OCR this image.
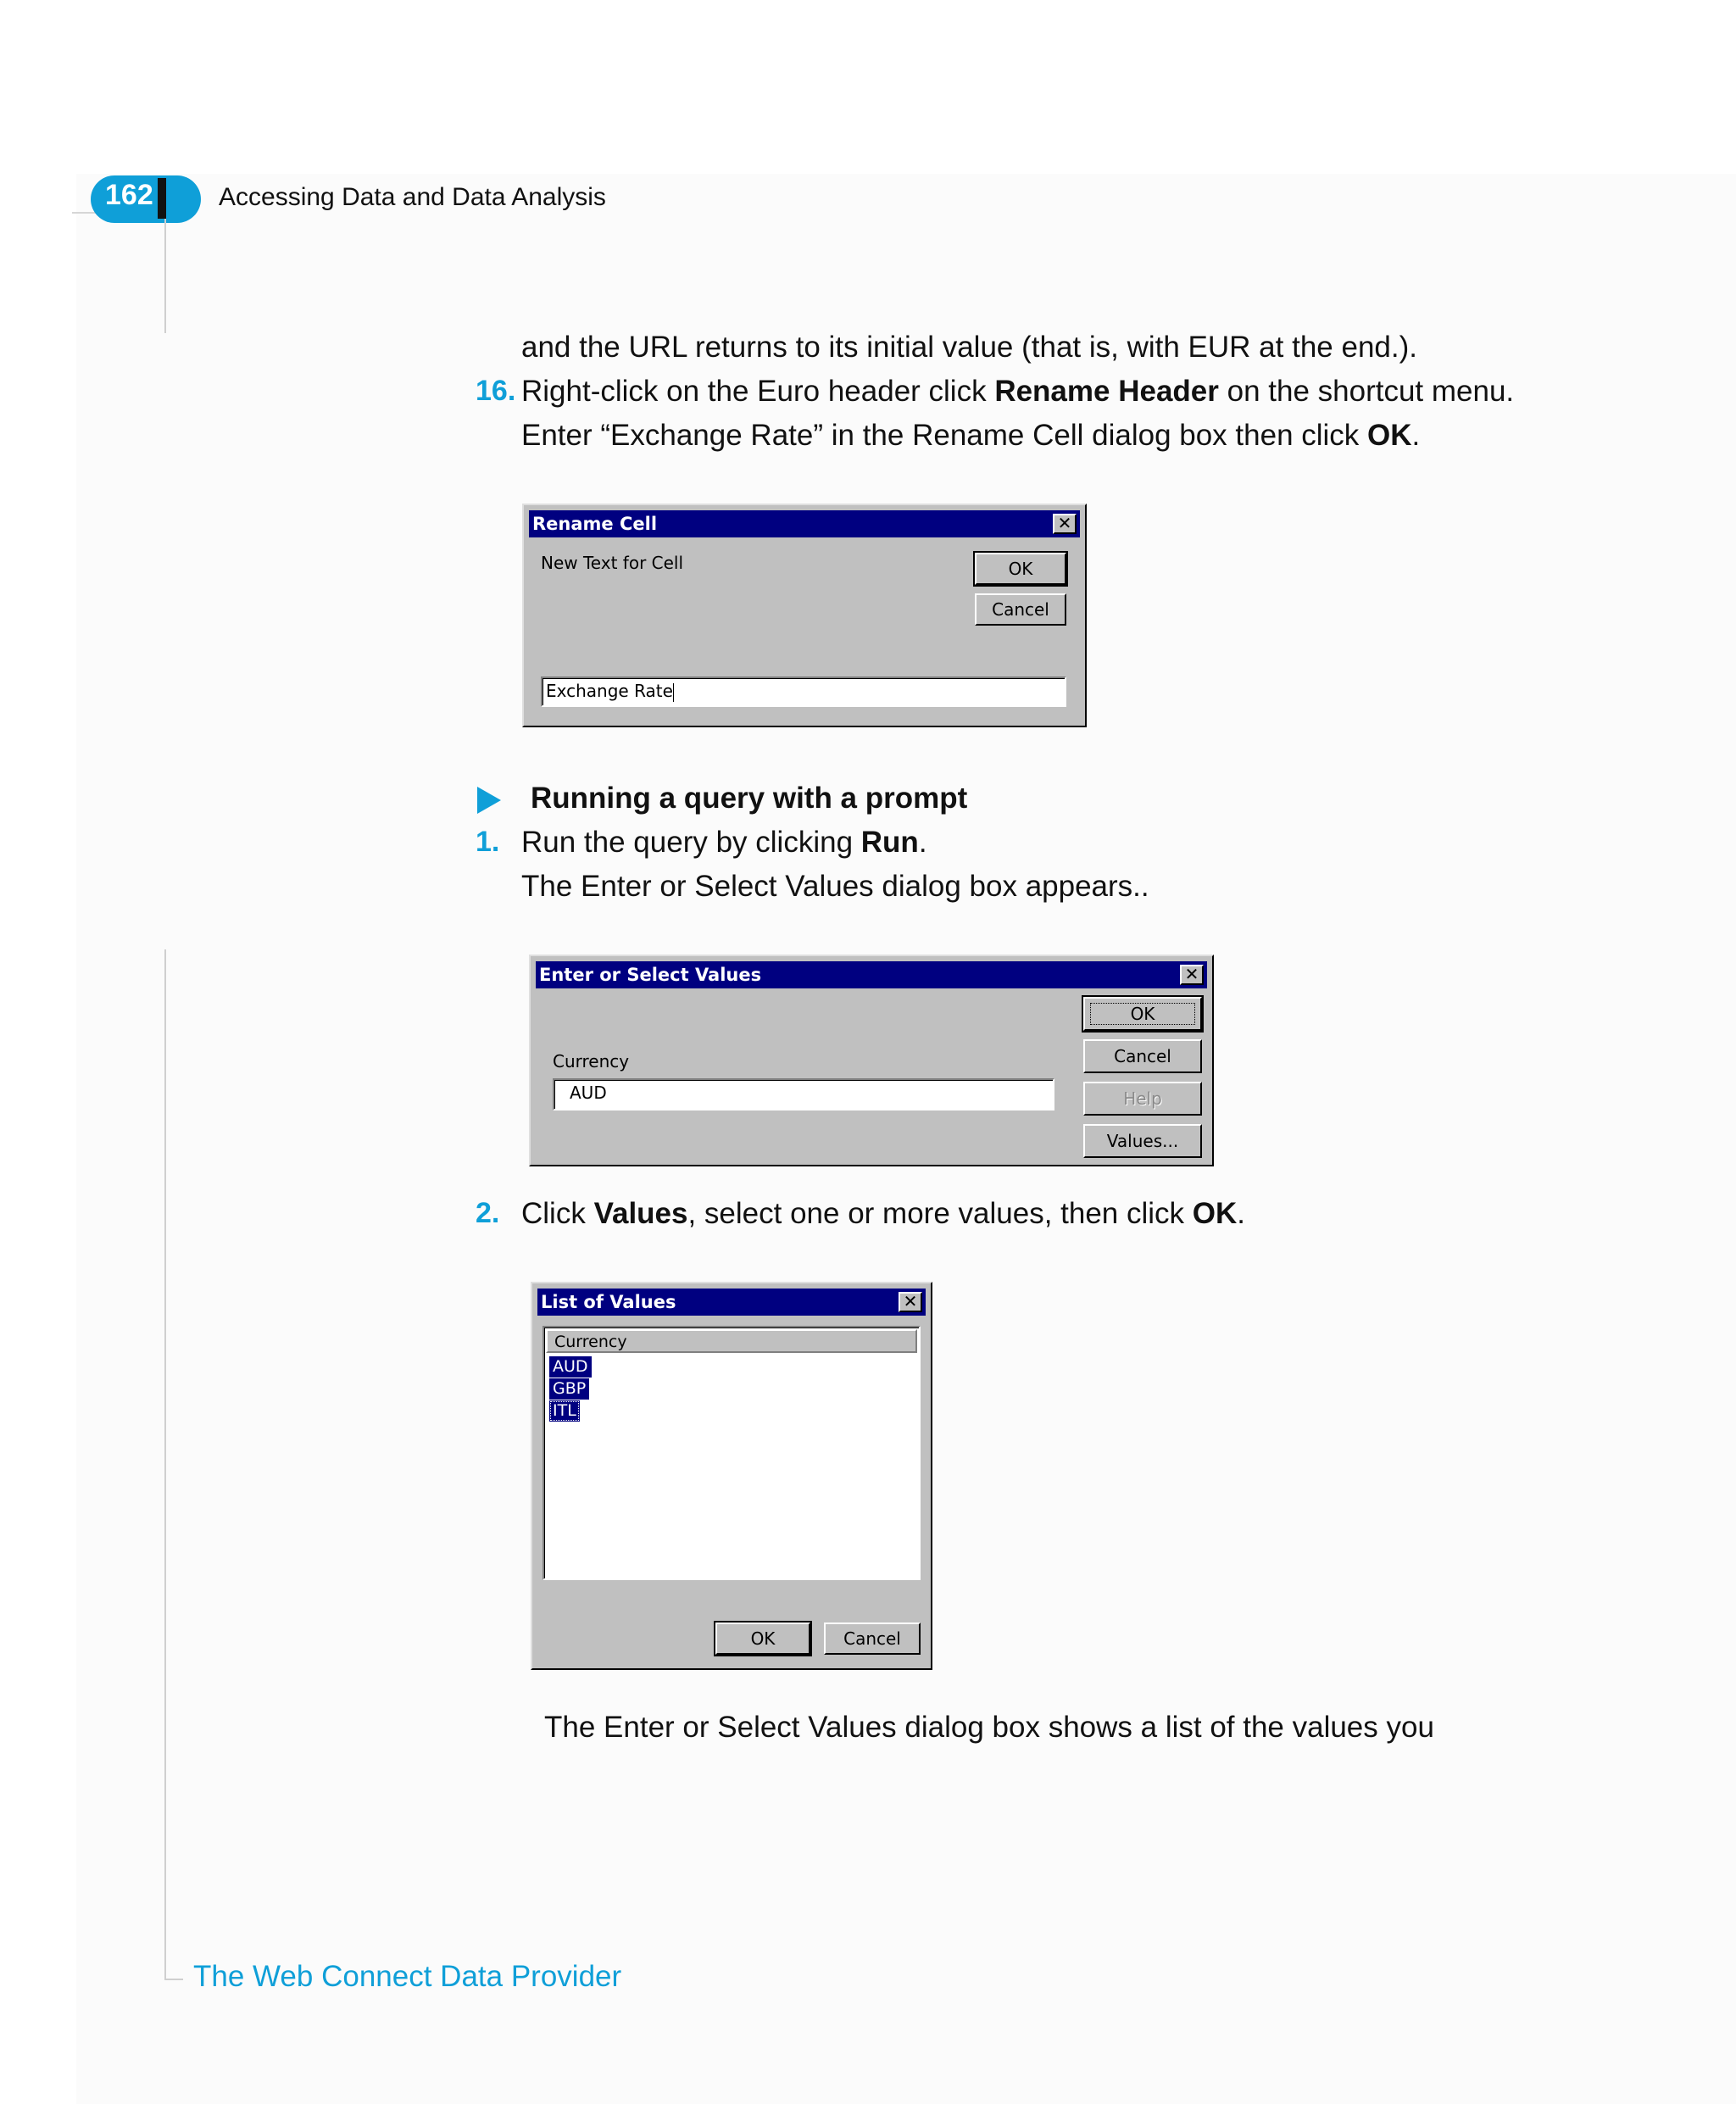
162	Accessing Data and Data Analysis
The Web Connect Data Provider
and the URL returns to its initial value (that is, with EUR at the end.).
16. Right-click on the Euro header click Rename Header on the shortcut menu.
Enter “Exchange Rate” in the Rename Cell dialog box then click OK.
Rename Cell	✕
New Text for Cell	OK
Cancel
Exchange Rate
Running a query with a prompt
1. Run the query by clicking Run.
The Enter or Select Values dialog box appears..
Enter or Select Values	✕
OK
Cancel
Help
Values...
Currency
AUD
2. Click Values, select one or more values, then click OK.
List of Values	✕
Currency
AUD
GBP
ITL
OK	Cancel
The Enter or Select Values dialog box shows a list of the values you
